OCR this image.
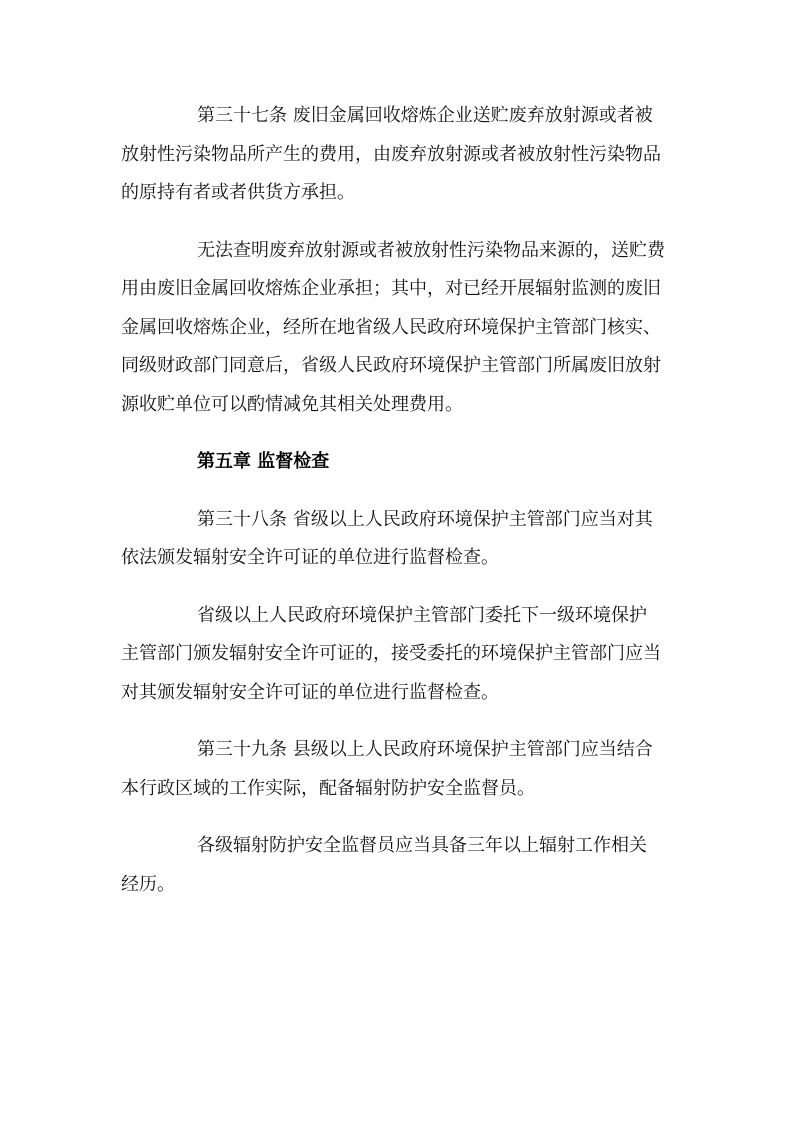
第三十七条 废旧金属回收熔炼企业送贮废弃放射源或者被
放射性污染物品所产生的费用，由废弃放射源或者被放射性污染物品
的原持有者或者供货方承担。
无法查明废弃放射源或者被放射性污染物品来源的，送贮费
用由废旧金属回收熔炼企业承担；其中，对已经开展辐射监测的废旧
金属回收熔炼企业，经所在地省级人民政府环境保护主管部门核实、
同级财政部门同意后，省级人民政府环境保护主管部门所属废旧放射
源收贮单位可以酌情减免其相关处理费用。
第五章 监督检查
第三十八条 省级以上人民政府环境保护主管部门应当对其
依法颁发辐射安全许可证的单位进行监督检查。
省级以上人民政府环境保护主管部门委托下一级环境保护
主管部门颁发辐射安全许可证的，接受委托的环境保护主管部门应当
对其颁发辐射安全许可证的单位进行监督检查。
第三十九条 县级以上人民政府环境保护主管部门应当结合
本行政区域的工作实际，配备辐射防护安全监督员。
各级辐射防护安全监督员应当具备三年以上辐射工作相关
经历。
